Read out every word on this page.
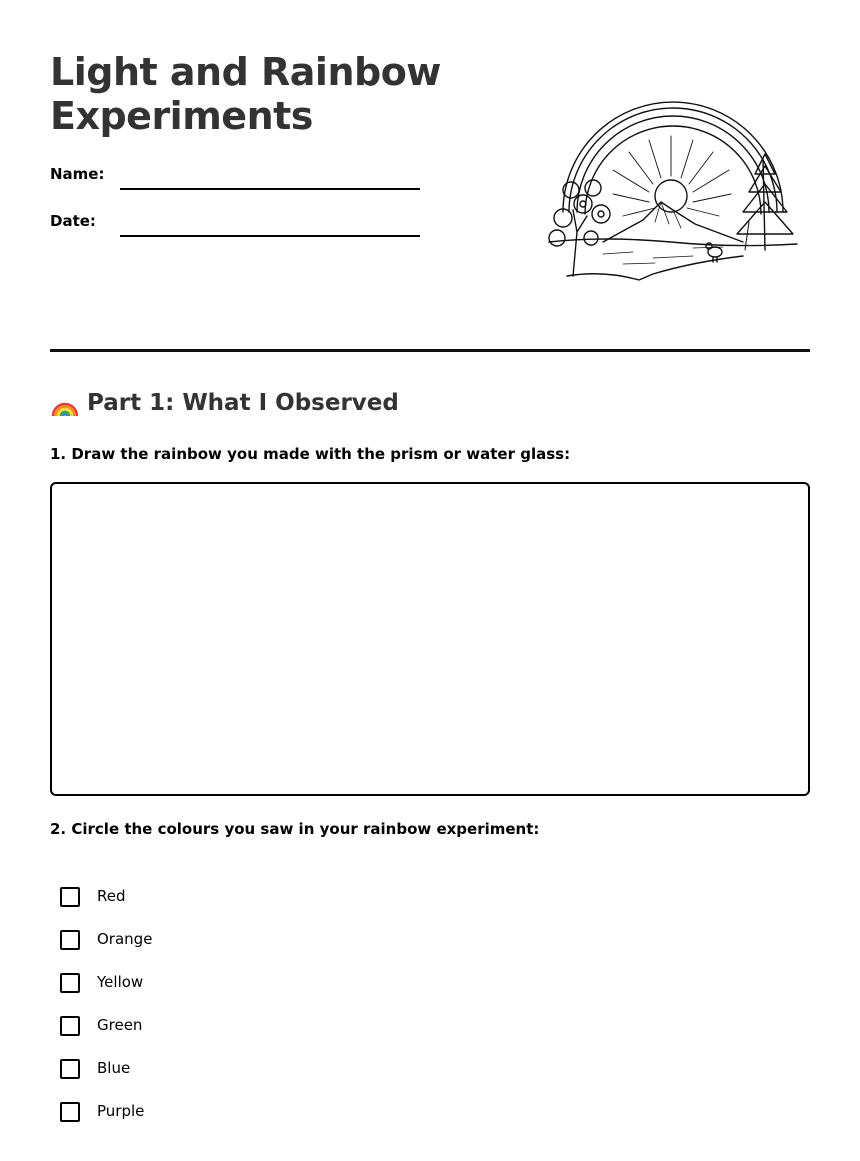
Light and Rainbow Experiments
Name:
Date:
Part 1: What I Observed

1. Draw the rainbow you made with the prism or water glass:

2. Circle the colours you saw in your rainbow experiment:

Red
Orange
Yellow
Green
Blue
Purple
